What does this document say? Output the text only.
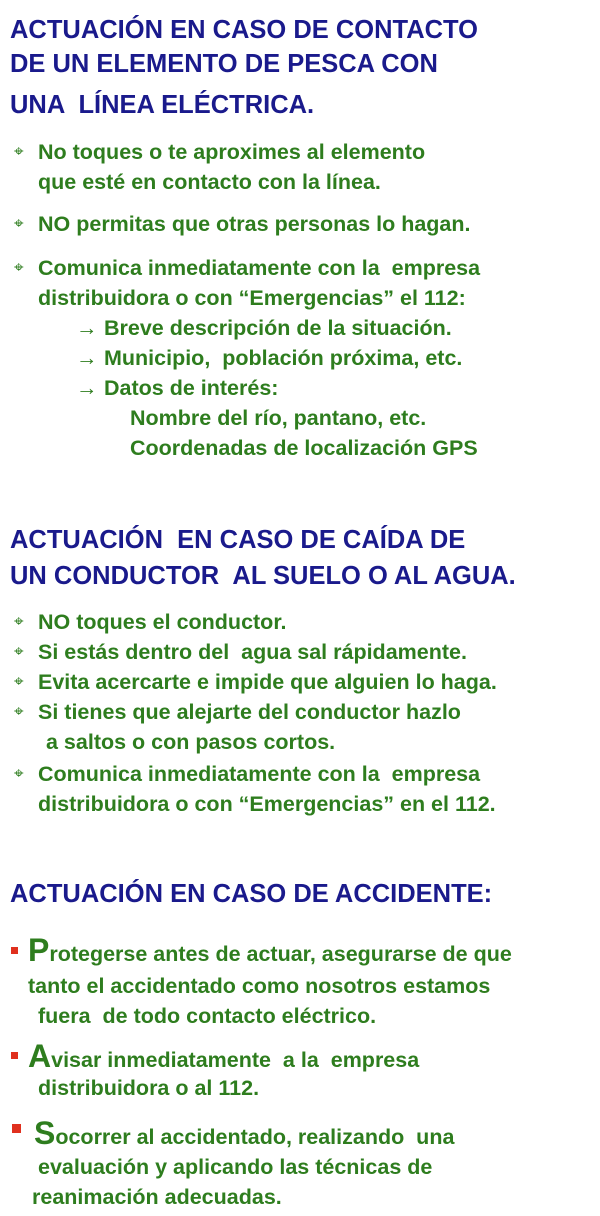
ACTUACIÓN EN CASO DE CONTACTO

DE UN ELEMENTO DE PESCA CON

UNA  LÍNEA ELÉCTRICA.

⌖ No toques o te aproximes al elemento

que esté en contacto con la línea.

⌖ NO permitas que otras personas lo hagan.

⌖ Comunica inmediatamente con la  empresa

distribuidora o con “Emergencias” el 112:

→ Breve descripción de la situación.

→ Municipio,  población próxima, etc.

→ Datos de interés:

Nombre del río, pantano, etc.

Coordenadas de localización GPS

ACTUACIÓN  EN CASO DE CAÍDA DE

UN CONDUCTOR  AL SUELO O AL AGUA.

⌖ NO toques el conductor.

⌖ Si estás dentro del  agua sal rápidamente.

⌖ Evita acercarte e impide que alguien lo haga.

⌖ Si tienes que alejarte del conductor hazlo

a saltos o con pasos cortos.

⌖ Comunica inmediatamente con la  empresa

distribuidora o con “Emergencias” en el 112.

ACTUACIÓN EN CASO DE ACCIDENTE:

Protegerse antes de actuar, asegurarse de que

tanto el accidentado como nosotros estamos

fuera  de todo contacto eléctrico.

Avisar inmediatamente  a la  empresa

distribuidora o al 112.

Socorrer al accidentado, realizando  una

evaluación y aplicando las técnicas de

reanimación adecuadas.
